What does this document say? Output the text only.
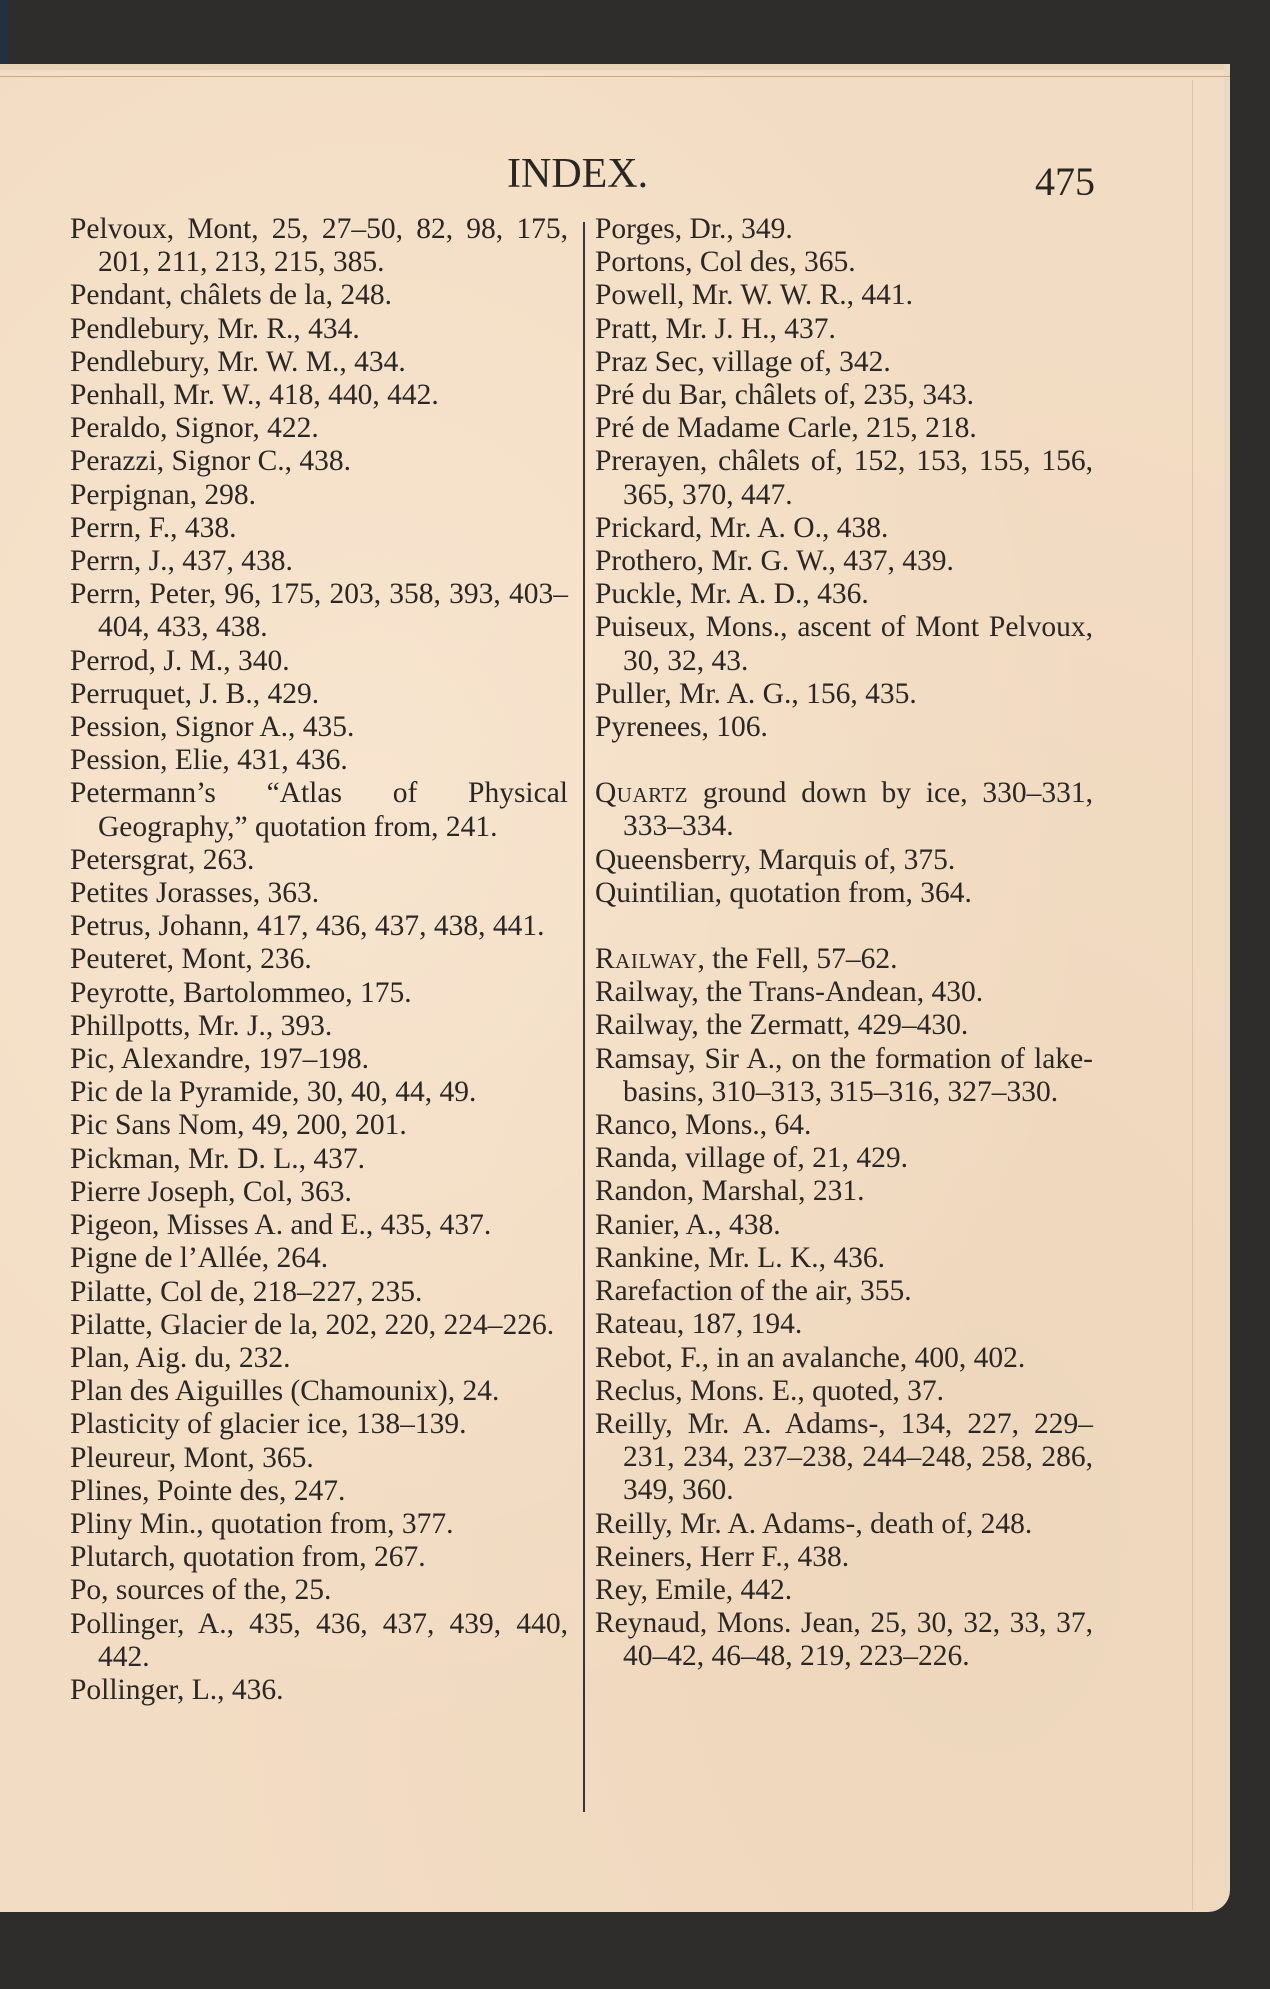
INDEX.	475
Pelvoux, Mont, 25, 27–50, 82, 98, 175, 201, 211, 213, 215, 385.
Pendant, châlets de la, 248.
Pendlebury, Mr. R., 434.
Pendlebury, Mr. W. M., 434.
Penhall, Mr. W., 418, 440, 442.
Peraldo, Signor, 422.
Perazzi, Signor C., 438.
Perpignan, 298.
Perrn, F., 438.
Perrn, J., 437, 438.
Perrn, Peter, 96, 175, 203, 358, 393, 403–404, 433, 438.
Perrod, J. M., 340.
Perruquet, J. B., 429.
Pession, Signor A., 435.
Pession, Elie, 431, 436.
Petermann’s “Atlas of Physical Geography,” quotation from, 241.
Petersgrat, 263.
Petites Jorasses, 363.
Petrus, Johann, 417, 436, 437, 438, 441.
Peuteret, Mont, 236.
Peyrotte, Bartolommeo, 175.
Phillpotts, Mr. J., 393.
Pic, Alexandre, 197–198.
Pic de la Pyramide, 30, 40, 44, 49.
Pic Sans Nom, 49, 200, 201.
Pickman, Mr. D. L., 437.
Pierre Joseph, Col, 363.
Pigeon, Misses A. and E., 435, 437.
Pigne de l’Allée, 264.
Pilatte, Col de, 218–227, 235.
Pilatte, Glacier de la, 202, 220, 224–226.
Plan, Aig. du, 232.
Plan des Aiguilles (Chamounix), 24.
Plasticity of glacier ice, 138–139.
Pleureur, Mont, 365.
Plines, Pointe des, 247.
Pliny Min., quotation from, 377.
Plutarch, quotation from, 267.
Po, sources of the, 25.
Pollinger, A., 435, 436, 437, 439, 440, 442.
Pollinger, L., 436.
Porges, Dr., 349.
Portons, Col des, 365.
Powell, Mr. W. W. R., 441.
Pratt, Mr. J. H., 437.
Praz Sec, village of, 342.
Pré du Bar, châlets of, 235, 343.
Pré de Madame Carle, 215, 218.
Prerayen, châlets of, 152, 153, 155, 156, 365, 370, 447.
Prickard, Mr. A. O., 438.
Prothero, Mr. G. W., 437, 439.
Puckle, Mr. A. D., 436.
Puiseux, Mons., ascent of Mont Pelvoux, 30, 32, 43.
Puller, Mr. A. G., 156, 435.
Pyrenees, 106.
Quartz ground down by ice, 330–331, 333–334.
Queensberry, Marquis of, 375.
Quintilian, quotation from, 364.
Railway, the Fell, 57–62.
Railway, the Trans-Andean, 430.
Railway, the Zermatt, 429–430.
Ramsay, Sir A., on the formation of lake-basins, 310–313, 315–316, 327–330.
Ranco, Mons., 64.
Randa, village of, 21, 429.
Randon, Marshal, 231.
Ranier, A., 438.
Rankine, Mr. L. K., 436.
Rarefaction of the air, 355.
Rateau, 187, 194.
Rebot, F., in an avalanche, 400, 402.
Reclus, Mons. E., quoted, 37.
Reilly, Mr. A. Adams-, 134, 227, 229–231, 234, 237–238, 244–248, 258, 286, 349, 360.
Reilly, Mr. A. Adams-, death of, 248.
Reiners, Herr F., 438.
Rey, Emile, 442.
Reynaud, Mons. Jean, 25, 30, 32, 33, 37, 40–42, 46–48, 219, 223–226.
